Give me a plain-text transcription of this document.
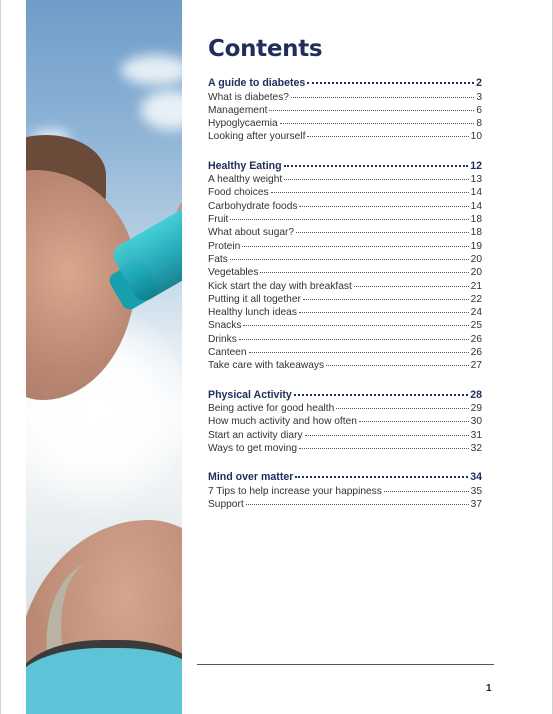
Contents
A guide to diabetes	2
What is diabetes?	3
Management	6
Hypoglycaemia	8
Looking after yourself	10
Healthy Eating	12
A healthy weight	13
Food choices	14
Carbohydrate foods	14
Fruit	18
What about sugar?	18
Protein	19
Fats	20
Vegetables	20
Kick start the day with breakfast	21
Putting it all together	22
Healthy lunch ideas	24
Snacks	25
Drinks	26
Canteen	26
Take care with takeaways	27
Physical Activity	28
Being active for good health	29
How much activity and how often	30
Start an activity diary	31
Ways to get moving	32
Mind over matter	34
7 Tips to help increase your happiness	35
Support	37
1
